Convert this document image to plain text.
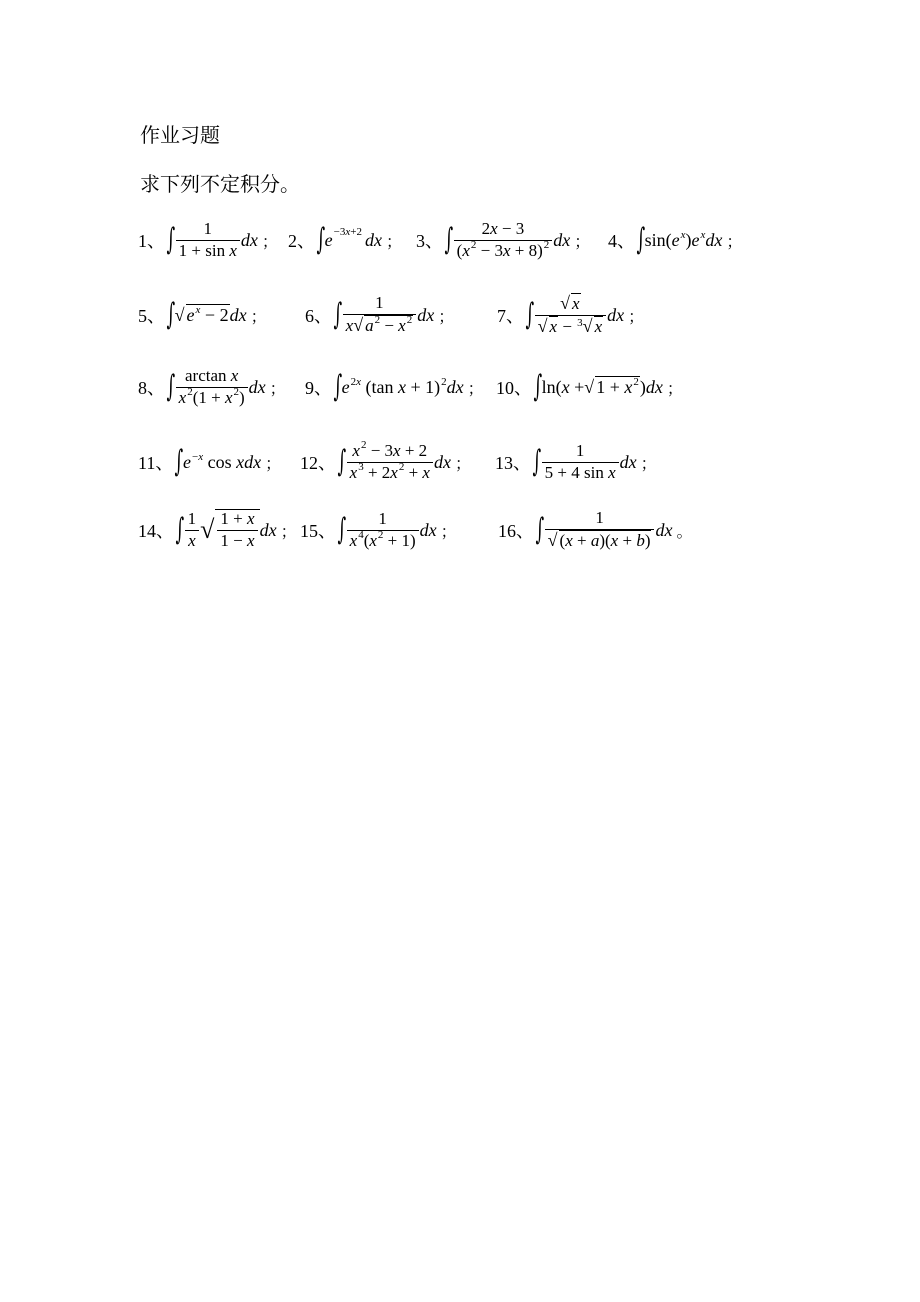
作业习题
求下列不定积分。
1、 ∫ $\frac{1}{\text{1 + sin x}}$ dx ； 2、 ∫ e −3x+2 dx ； 3、 ∫ $\frac{2x - 3}{(x^2 - 3x + 8)^2}$ dx ； 4、 ∫ $\sin(e^x)e^xdx$ ；
5、 ∫ √ $e^x - 2$ dx ； 6、 ∫ $\frac{1}{x√ a^2 - x^2}$ dx ； 7、 ∫ $\frac{√ x}{√ x - ^3√ x}$ dx ；
8、 ∫ $\frac{\text{arctan x}}{x^2(1 + x^2)}$ dx ； 9、 ∫ $e^{2x}$ (tan x + 1)$^2$dx ； 10、 ∫ ln(x + √ $1 + x^2$ )dx ；
11、 ∫ $e^{-x}$ cos xdx ； 12、 ∫ $\frac{x^2 - 3x + 2}{x^3 + 2x^2 + x}$ dx ； 13、 ∫ $\frac{1}{\text{5 + 4 sin x}}$ dx ；
14、 ∫ $\frac{1}{x}$ √ $\frac{1 + x}{1 - x}$ dx ； 15、 ∫ $\frac{1}{x^4(x^2 + 1)}$ dx ； 16、 ∫ $\frac{1}{√ (x + a)(x + b)}$ dx 。
